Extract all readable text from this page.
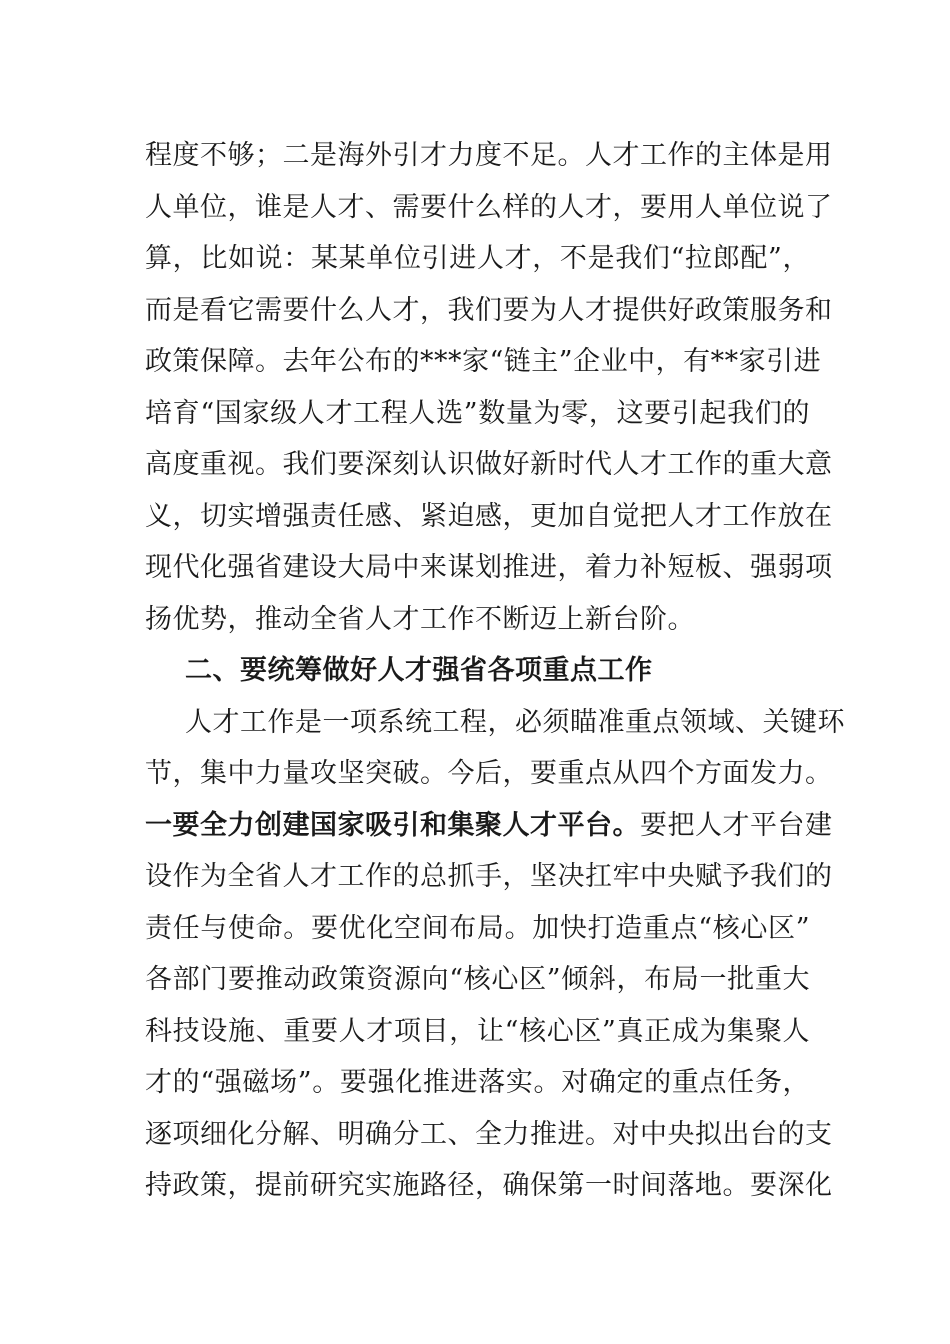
程度不够；二是海外引才力度不足。人才工作的主体是用
人单位，谁是人才、需要什么样的人才，要用人单位说了
算，比如说：某某单位引进人才，不是我们“拉郎配”，
而是看它需要什么人才，我们要为人才提供好政策服务和
政策保障。去年公布的***家“链主”企业中，有**家引进
培育“国家级人才工程人选”数量为零，这要引起我们的
高度重视。我们要深刻认识做好新时代人才工作的重大意
义，切实增强责任感、紧迫感，更加自觉把人才工作放在
现代化强省建设大局中来谋划推进，着力补短板、强弱项
扬优势，推动全省人才工作不断迈上新台阶。
二、要统筹做好人才强省各项重点工作
人才工作是一项系统工程，必须瞄准重点领域、关键环
节，集中力量攻坚突破。今后，要重点从四个方面发力。
一要全力创建国家吸引和集聚人才平台。要把人才平台建
设作为全省人才工作的总抓手，坚决扛牢中央赋予我们的
责任与使命。要优化空间布局。加快打造重点“核心区”
各部门要推动政策资源向“核心区”倾斜，布局一批重大
科技设施、重要人才项目，让“核心区”真正成为集聚人
才的“强磁场”。要强化推进落实。对确定的重点任务，
逐项细化分解、明确分工、全力推进。对中央拟出台的支
持政策，提前研究实施路径，确保第一时间落地。要深化
